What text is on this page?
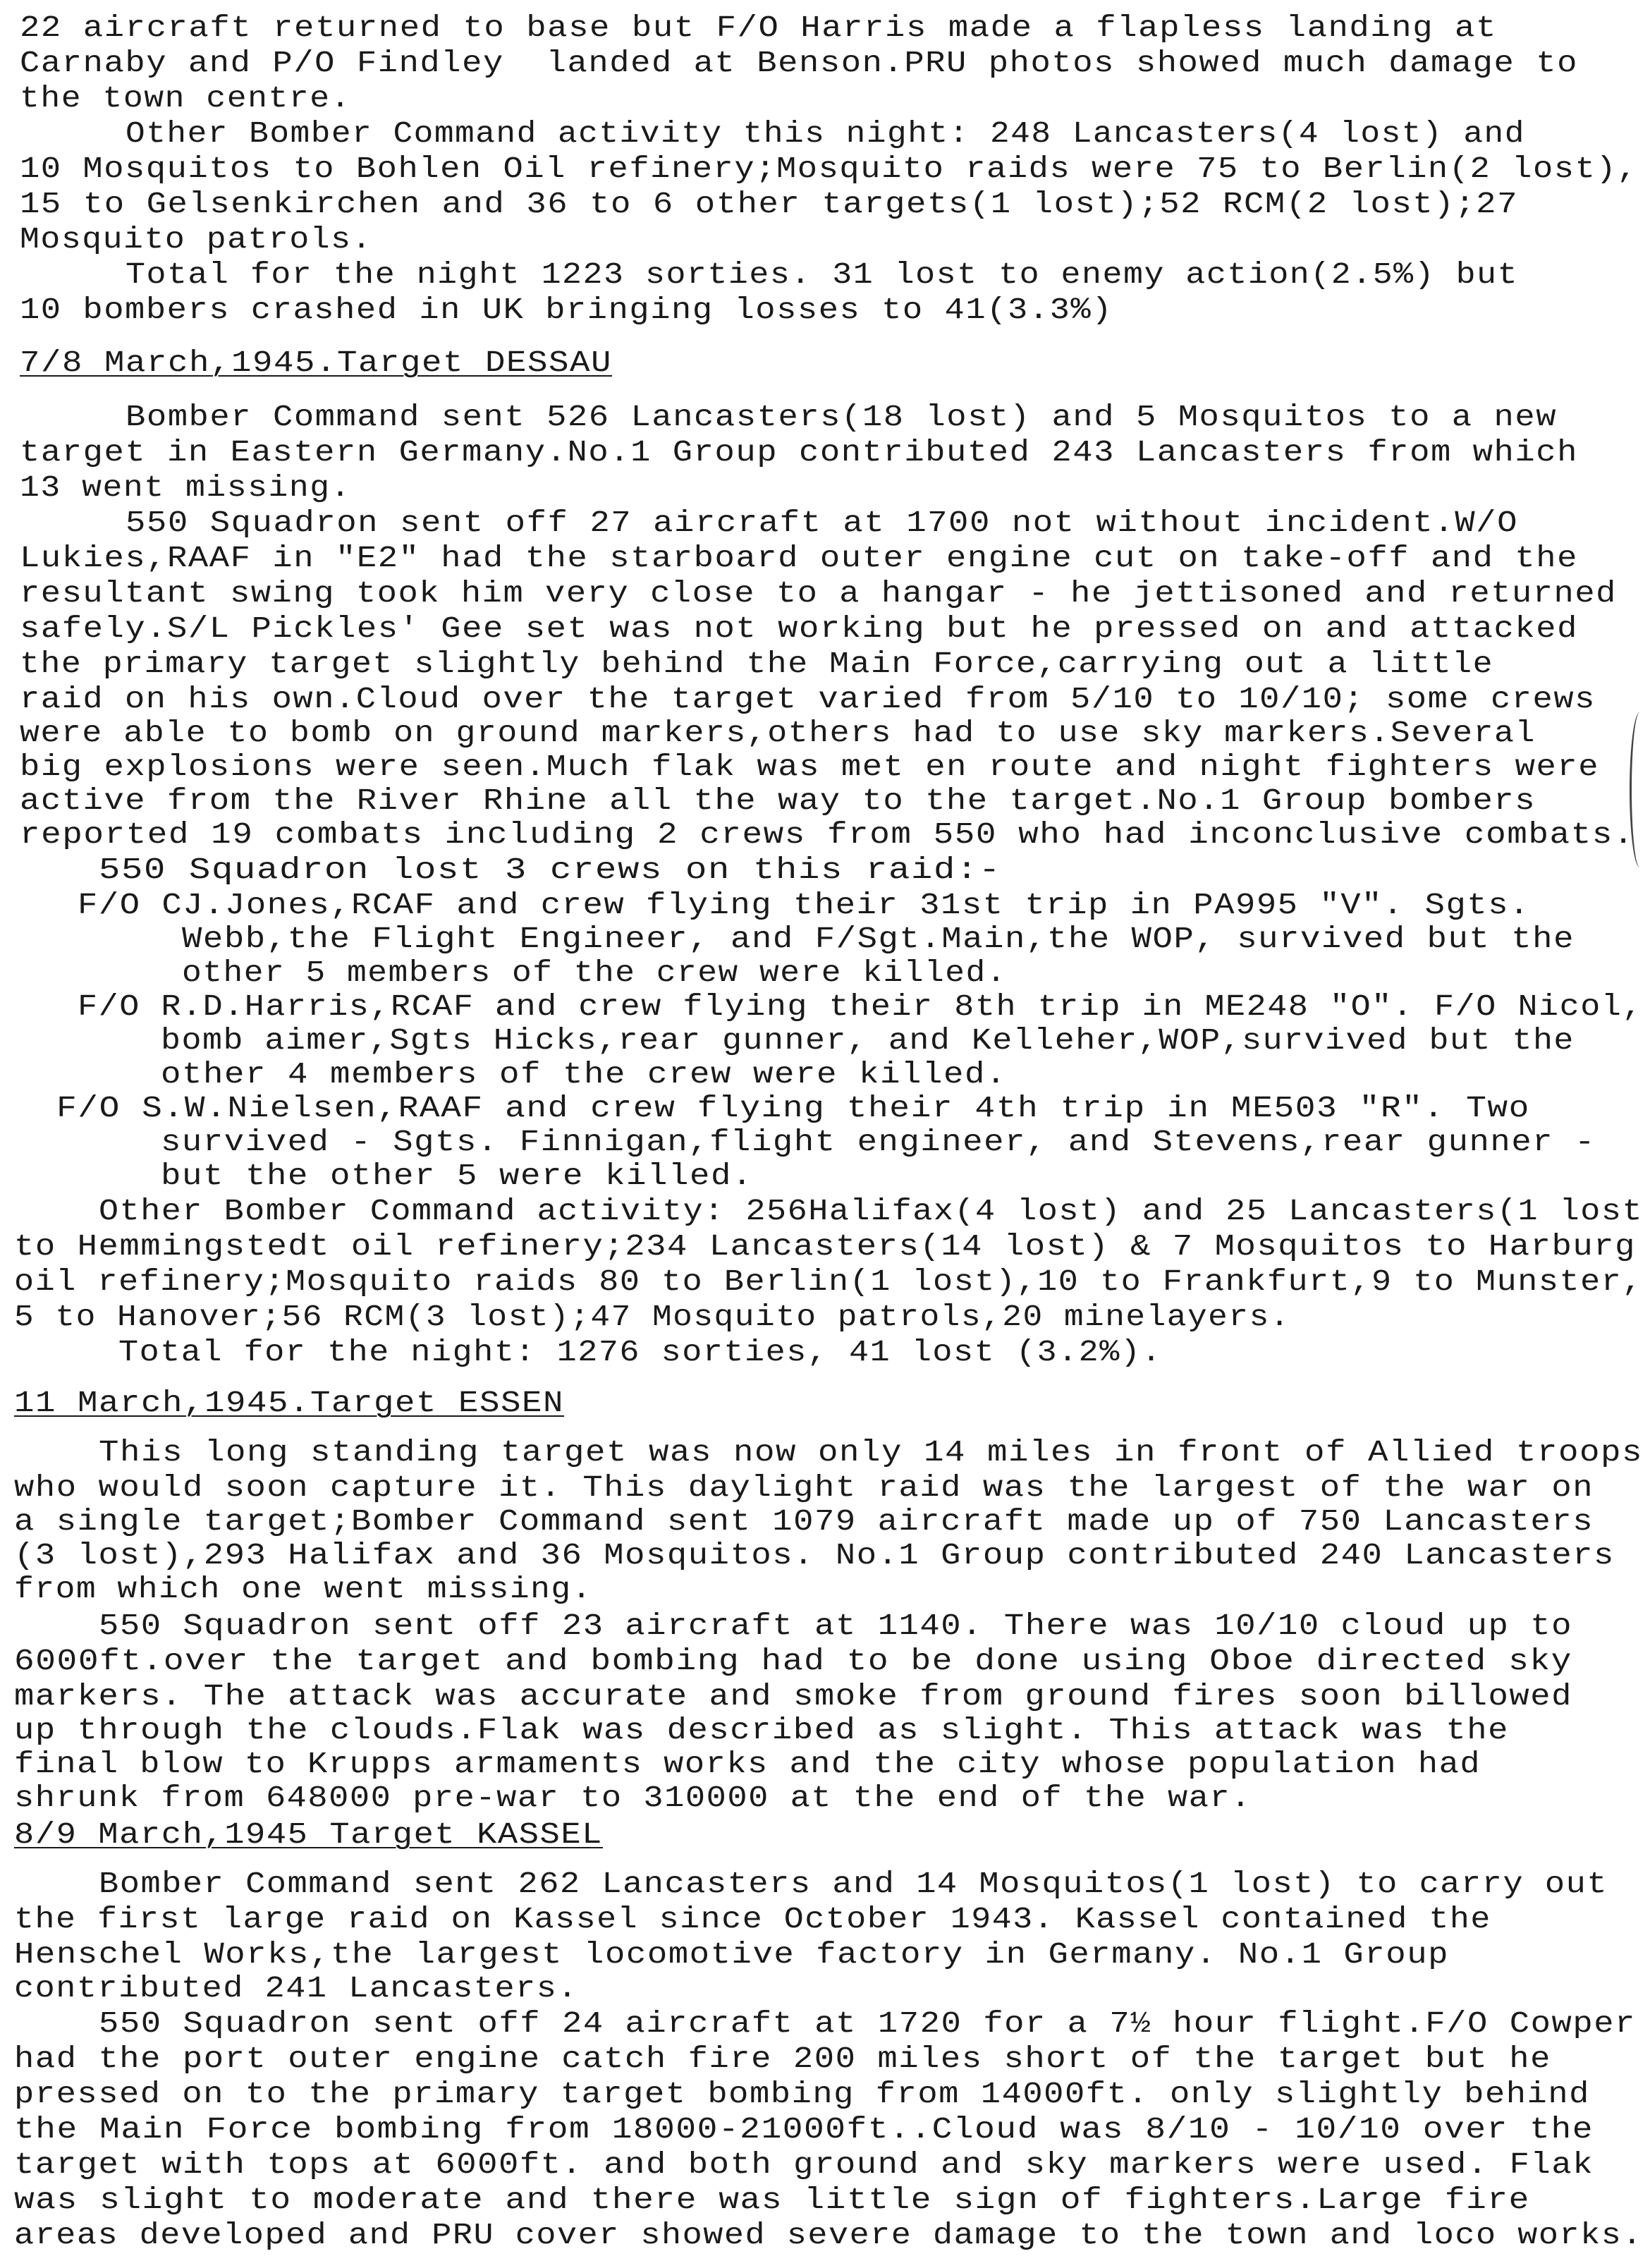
22 aircraft returned to base but F/O Harris made a flapless landing at
Carnaby and P/O Findley  landed at Benson.PRU photos showed much damage to
the town centre.
Other Bomber Command activity this night: 248 Lancasters(4 lost) and
10 Mosquitos to Bohlen Oil refinery;Mosquito raids were 75 to Berlin(2 lost),
15 to Gelsenkirchen and 36 to 6 other targets(1 lost);52 RCM(2 lost);27
Mosquito patrols.
Total for the night 1223 sorties. 31 lost to enemy action(2.5%) but
10 bombers crashed in UK bringing losses to 41(3.3%)
7/8 March,1945.Target DESSAU
Bomber Command sent 526 Lancasters(18 lost) and 5 Mosquitos to a new
target in Eastern Germany.No.1 Group contributed 243 Lancasters from which
13 went missing.
550 Squadron sent off 27 aircraft at 1700 not without incident.W/O
Lukies,RAAF in "E2" had the starboard outer engine cut on take-off and the
resultant swing took him very close to a hangar - he jettisoned and returned
safely.S/L Pickles' Gee set was not working but he pressed on and attacked
the primary target slightly behind the Main Force,carrying out a little
raid on his own.Cloud over the target varied from 5/10 to 10/10; some crews
were able to bomb on ground markers,others had to use sky markers.Several
big explosions were seen.Much flak was met en route and night fighters were
active from the River Rhine all the way to the target.No.1 Group bombers
reported 19 combats including 2 crews from 550 who had inconclusive combats.
550 Squadron lost 3 crews on this raid:-
F/O CJ.Jones,RCAF and crew flying their 31st trip in PA995 "V". Sgts.
Webb,the Flight Engineer, and F/Sgt.Main,the WOP, survived but the
other 5 members of the crew were killed.
F/O R.D.Harris,RCAF and crew flying their 8th trip in ME248 "O". F/O Nicol,
bomb aimer,Sgts Hicks,rear gunner, and Kelleher,WOP,survived but the
other 4 members of the crew were killed.
F/O S.W.Nielsen,RAAF and crew flying their 4th trip in ME503 "R". Two
survived - Sgts. Finnigan,flight engineer, and Stevens,rear gunner -
but the other 5 were killed.
Other Bomber Command activity: 256Halifax(4 lost) and 25 Lancasters(1 lost
to Hemmingstedt oil refinery;234 Lancasters(14 lost) & 7 Mosquitos to Harburg
oil refinery;Mosquito raids 80 to Berlin(1 lost),10 to Frankfurt,9 to Munster,
5 to Hanover;56 RCM(3 lost);47 Mosquito patrols,20 minelayers.
Total for the night: 1276 sorties, 41 lost (3.2%).
11 March,1945.Target ESSEN
This long standing target was now only 14 miles in front of Allied troops
who would soon capture it. This daylight raid was the largest of the war on
a single target;Bomber Command sent 1079 aircraft made up of 750 Lancasters
(3 lost),293 Halifax and 36 Mosquitos. No.1 Group contributed 240 Lancasters
from which one went missing.
550 Squadron sent off 23 aircraft at 1140. There was 10/10 cloud up to
6000ft.over the target and bombing had to be done using Oboe directed sky
markers. The attack was accurate and smoke from ground fires soon billowed
up through the clouds.Flak was described as slight. This attack was the
final blow to Krupps armaments works and the city whose population had
shrunk from 648000 pre-war to 310000 at the end of the war.
8/9 March,1945 Target KASSEL
Bomber Command sent 262 Lancasters and 14 Mosquitos(1 lost) to carry out
the first large raid on Kassel since October 1943. Kassel contained the
Henschel Works,the largest locomotive factory in Germany. No.1 Group
contributed 241 Lancasters.
550 Squadron sent off 24 aircraft at 1720 for a 7½ hour flight.F/O Cowper
had the port outer engine catch fire 200 miles short of the target but he
pressed on to the primary target bombing from 14000ft. only slightly behind
the Main Force bombing from 18000-21000ft..Cloud was 8/10 - 10/10 over the
target with tops at 6000ft. and both ground and sky markers were used. Flak
was slight to moderate and there was little sign of fighters.Large fire
areas developed and PRU cover showed severe damage to the town and loco works.
